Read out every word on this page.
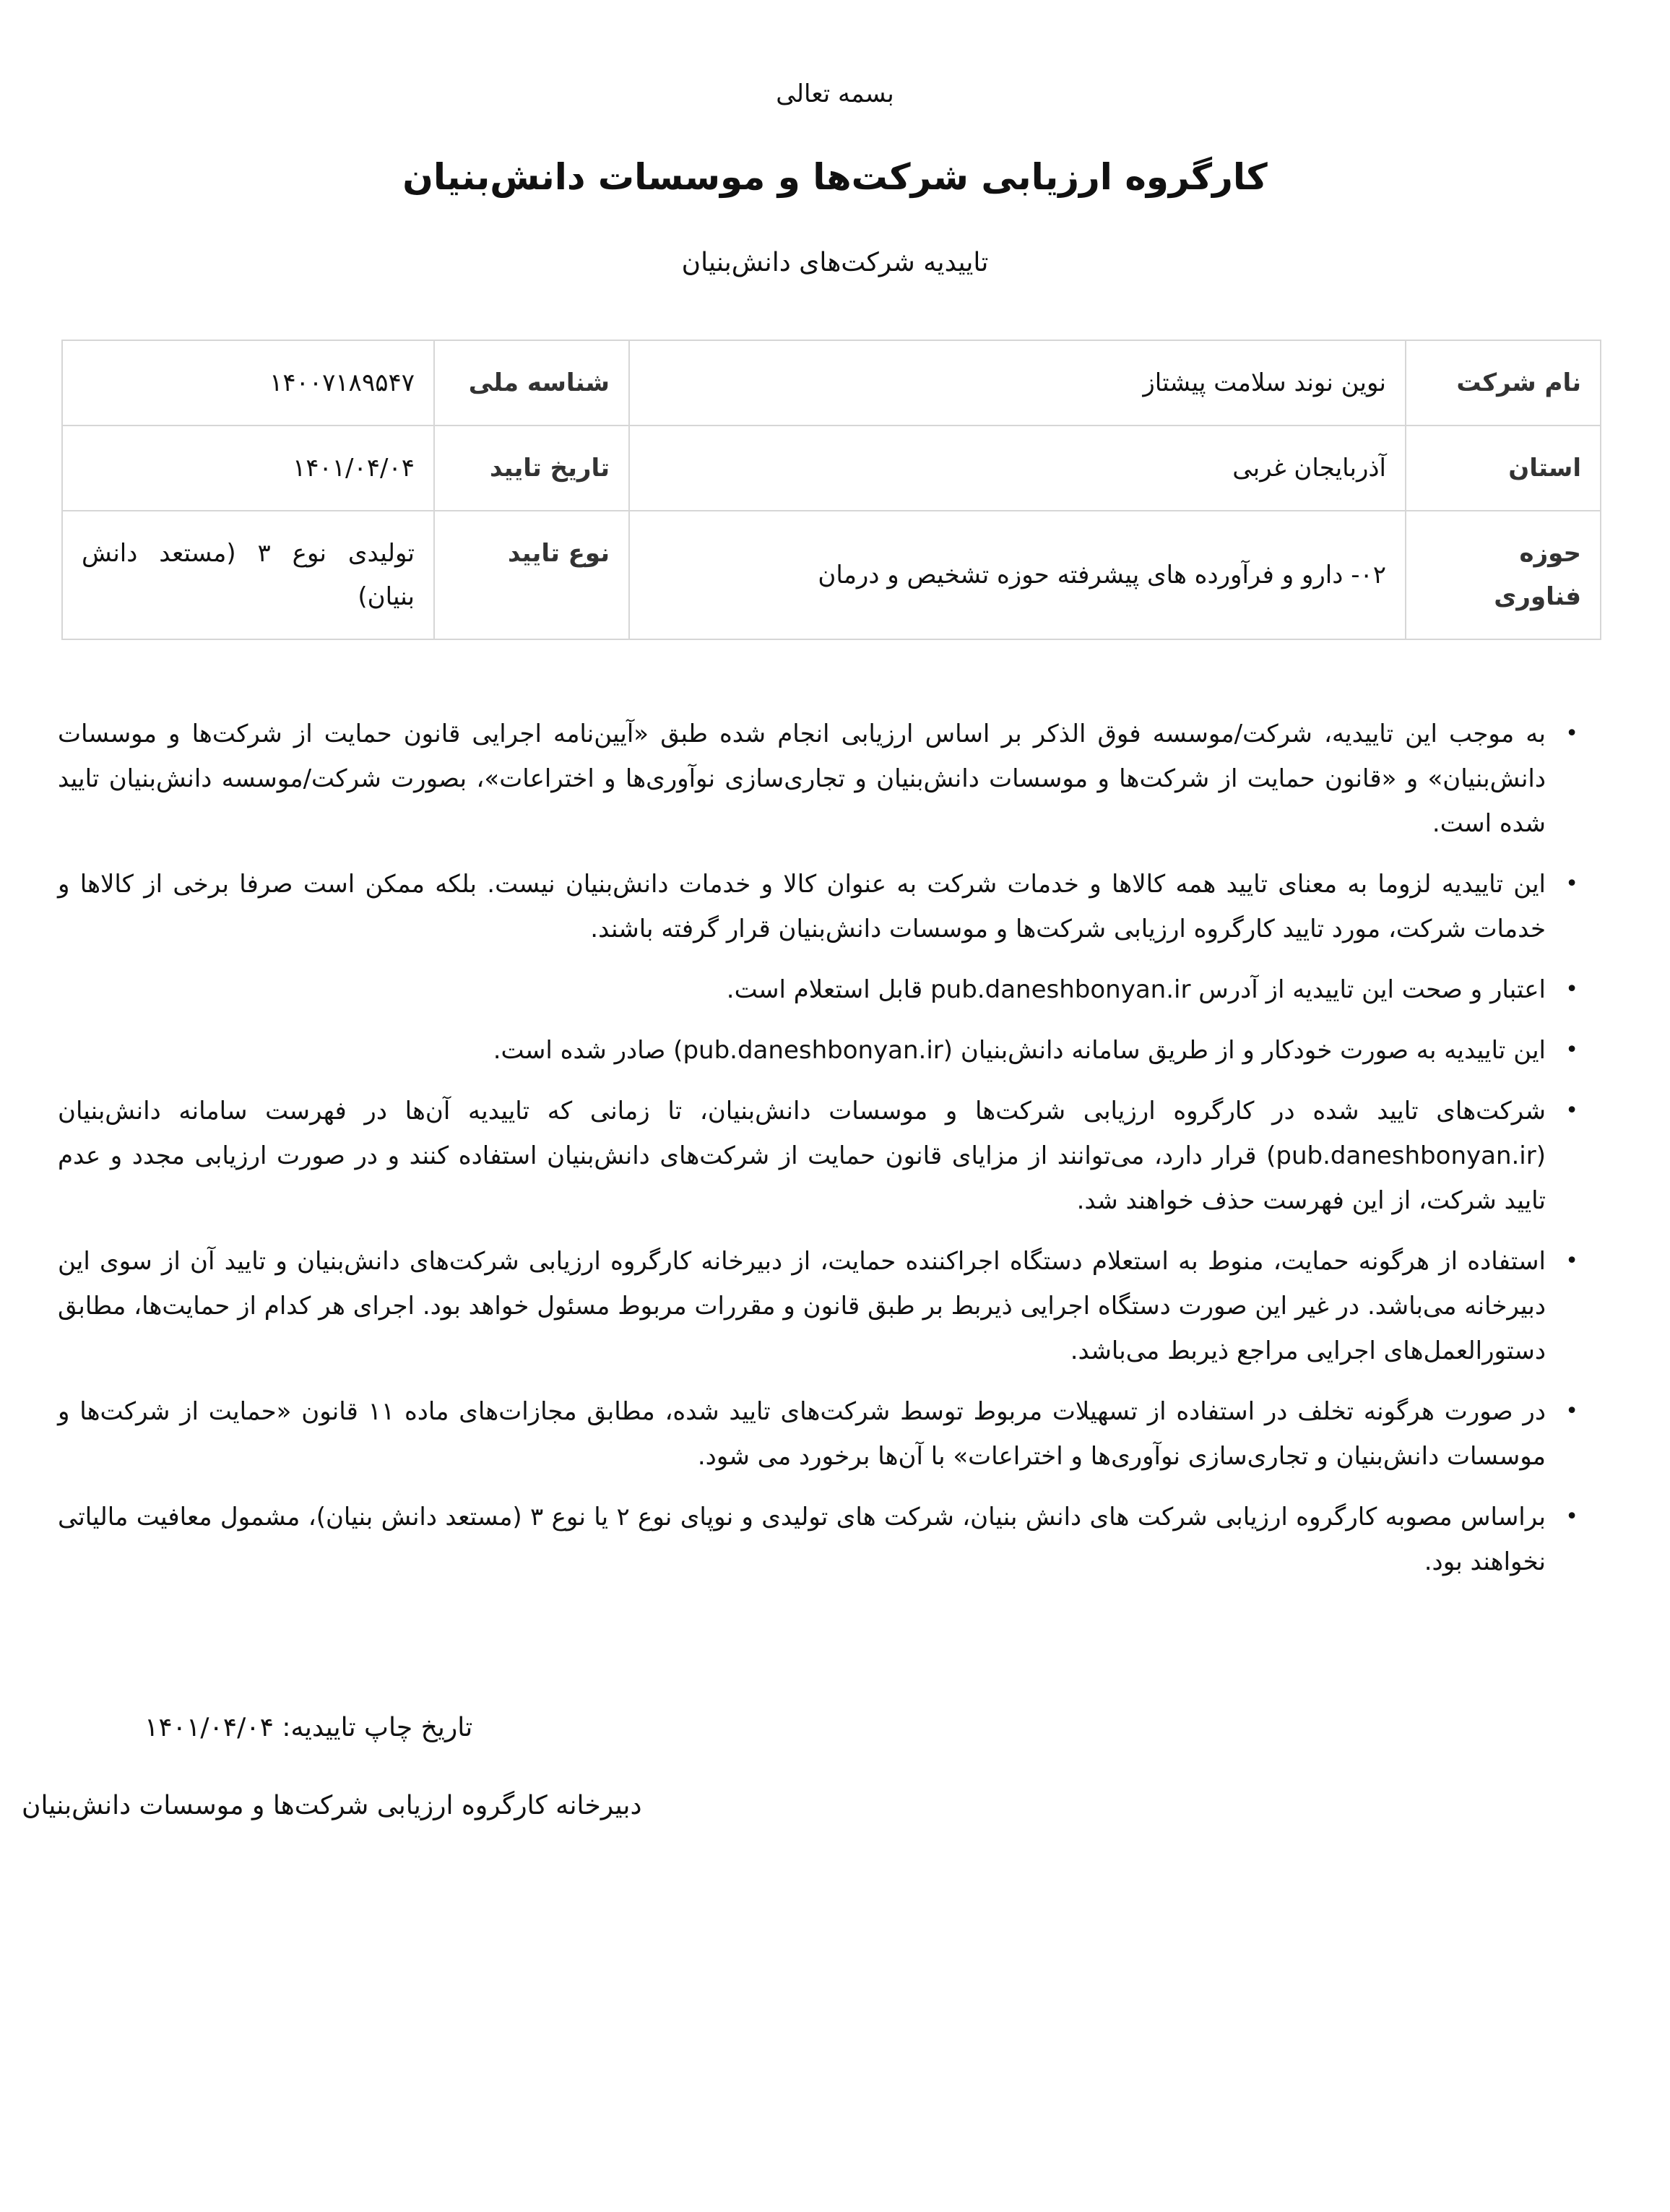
بسمه تعالی
کارگروه ارزیابی شرکت‌ها و موسسات دانش‌بنیان
تاییدیه شرکت‌های دانش‌بنیان
نام شرکت	نوین نوند سلامت پیشتاز	شناسه ملی	۱۴۰۰۷۱۸۹۵۴۷
استان	آذربایجان غربی	تاریخ تایید	۱۴۰۱/۰۴/۰۴
حوزه فناوری	۰۲- دارو و فرآورده های پیشرفته حوزه تشخیص و درمان	نوع تایید	تولیدی نوع ۳ (مستعد دانش بنیان)
•
به موجب این تاییدیه، شرکت/موسسه فوق الذکر بر اساس ارزیابی انجام شده طبق «آیین‌نامه اجرایی قانون حمایت از شرکت‌ها و موسسات دانش‌بنیان» و «قانون حمایت از شرکت‌ها و موسسات دانش‌بنیان و تجاری‌سازی نوآوری‌ها و اختراعات»، بصورت شرکت/موسسه دانش‌بنیان تایید شده است.
•
این تاییدیه لزوما به معنای تایید همه کالاها و خدمات شرکت به عنوان کالا و خدمات دانش‌بنیان نیست. بلکه ممکن است صرفا برخی از کالاها و خدمات شرکت، مورد تایید کارگروه ارزیابی شرکت‌ها و موسسات دانش‌بنیان قرار گرفته باشند.
•
اعتبار و صحت این تاییدیه از آدرس pub.daneshbonyan.ir قابل استعلام است.
•
این تاییدیه به صورت خودکار و از طریق سامانه دانش‌بنیان (pub.daneshbonyan.ir) صادر شده است.
•
شرکت‌های تایید شده در کارگروه ارزیابی شرکت‌ها و موسسات دانش‌بنیان، تا زمانی که تاییدیه آن‌ها در فهرست سامانه دانش‌بنیان (pub.daneshbonyan.ir) قرار دارد، می‌توانند از مزایای قانون حمایت از شرکت‌های دانش‌بنیان استفاده کنند و در صورت ارزیابی مجدد و عدم تایید شرکت، از این فهرست حذف خواهند شد.
•
استفاده از هرگونه حمایت، منوط به استعلام دستگاه اجراکننده حمایت، از دبیرخانه کارگروه ارزیابی شرکت‌های دانش‌بنیان و تایید آن از سوی این دبیرخانه می‌باشد. در غیر این صورت دستگاه اجرایی ذیربط بر طبق قانون و مقررات مربوط مسئول خواهد بود. اجرای هر کدام از حمایت‌ها، مطابق دستورالعمل‌های اجرایی مراجع ذیربط می‌باشد.
•
در صورت هرگونه تخلف در استفاده از تسهیلات مربوط توسط شرکت‌های تایید شده، مطابق مجازات‌های ماده ۱۱ قانون «حمایت از شرکت‌ها و موسسات دانش‌بنیان و تجاری‌سازی نوآوری‌ها و اختراعات» با آن‌ها برخورد می شود.
•
براساس مصوبه کارگروه ارزیابی شرکت های دانش بنیان، شرکت های تولیدی و نوپای نوع ۲ یا نوع ۳ (مستعد دانش بنیان)، مشمول معافیت مالیاتی نخواهند بود.
تاریخ چاپ تاییدیه: ۱۴۰۱/۰۴/۰۴
دبیرخانه کارگروه ارزیابی شرکت‌ها و موسسات دانش‌بنیان
